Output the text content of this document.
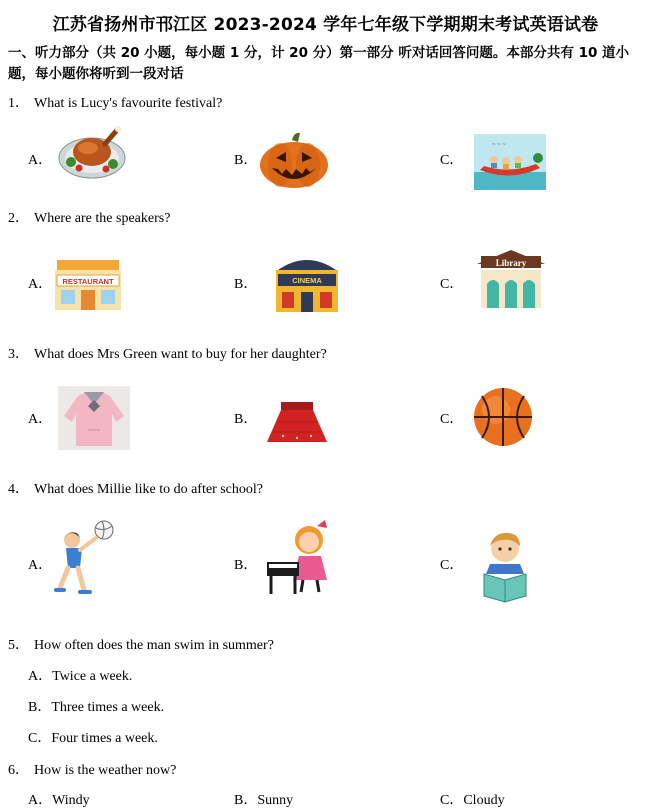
江苏省扬州市邗江区 2023-2024 学年七年级下学期期末考试英语试卷
一、听力部分（共 20 小题，每小题 1 分，计 20 分）第一部分 听对话回答问题。本部分共有 10 道小题，每小题你将听到一段对话
1． What is Lucy's favourite festival?
A．	B．	C．
~ ~ ~
2． Where are the speakers?
A．	B．	C．
RESTAURANT	CINEMA
Library
3． What does Mrs Green want to buy for her daughter?
A．	B．	C．
~~~~
4． What does Millie like to do after school?
A．	B．	C．
5． How often does the man swim in summer?
A．Twice a week.
B．Three times a week.
C．Four times a week.
6． How is the weather now?
A．Windy	B．Sunny	C．Cloudy
